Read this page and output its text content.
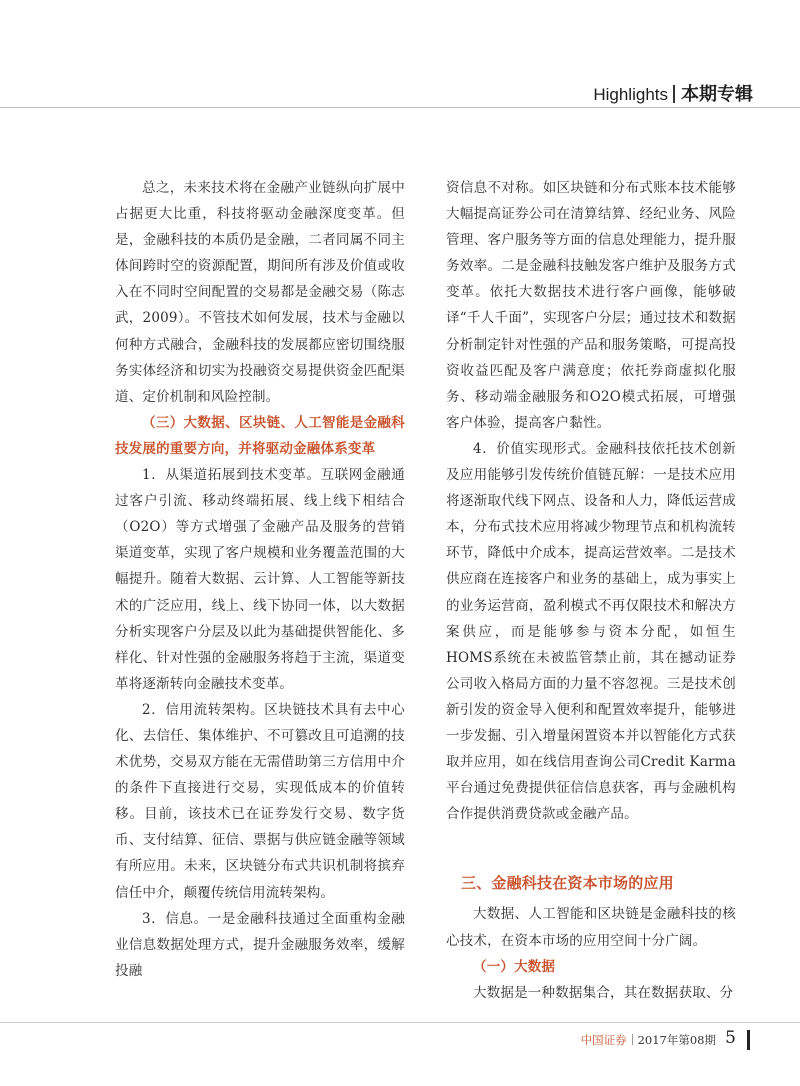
Highlights 本期专辑

总之，未来技术将在金融产业链纵向扩展中占据更大比重，科技将驱动金融深度变革。但是，金融科技的本质仍是金融，二者同属不同主体间跨时空的资源配置，期间所有涉及价值或收入在不同时空间配置的交易都是金融交易（陈志武，2009）。不管技术如何发展，技术与金融以何种方式融合，金融科技的发展都应密切围绕服务实体经济和切实为投融资交易提供资金匹配渠道、定价机制和风险控制。

（三）大数据、区块链、人工智能是金融科技发展的重要方向，并将驱动金融体系变革

1．从渠道拓展到技术变革。互联网金融通过客户引流、移动终端拓展、线上线下相结合（O2O）等方式增强了金融产品及服务的营销渠道变革，实现了客户规模和业务覆盖范围的大幅提升。随着大数据、云计算、人工智能等新技术的广泛应用，线上、线下协同一体，以大数据分析实现客户分层及以此为基础提供智能化、多样化、针对性强的金融服务将趋于主流，渠道变革将逐渐转向金融技术变革。

2．信用流转架构。区块链技术具有去中心化、去信任、集体维护、不可篡改且可追溯的技术优势，交易双方能在无需借助第三方信用中介的条件下直接进行交易，实现低成本的价值转移。目前，该技术已在证券发行交易、数字货币、支付结算、征信、票据与供应链金融等领域有所应用。未来，区块链分布式共识机制将摈弃信任中介，颠覆传统信用流转架构。

3．信息。一是金融科技通过全面重构金融业信息数据处理方式，提升金融服务效率，缓解投融

资信息不对称。如区块链和分布式账本技术能够大幅提高证券公司在清算结算、经纪业务、风险管理、客户服务等方面的信息处理能力，提升服务效率。二是金融科技触发客户维护及服务方式变革。依托大数据技术进行客户画像，能够破译“千人千面”，实现客户分层；通过技术和数据分析制定针对性强的产品和服务策略，可提高投资收益匹配及客户满意度；依托券商虚拟化服务、移动端金融服务和O2O模式拓展，可增强客户体验，提高客户黏性。

4．价值实现形式。金融科技依托技术创新及应用能够引发传统价值链瓦解：一是技术应用将逐渐取代线下网点、设备和人力，降低运营成本，分布式技术应用将减少物理节点和机构流转环节，降低中介成本，提高运营效率。二是技术供应商在连接客户和业务的基础上，成为事实上的业务运营商，盈利模式不再仅限技术和解决方案供应，而是能够参与资本分配，如恒生HOMS系统在未被监管禁止前，其在撼动证券公司收入格局方面的力量不容忽视。三是技术创新引发的资金导入便利和配置效率提升，能够进一步发掘、引入增量闲置资本并以智能化方式获取并应用，如在线信用查询公司Credit Karma平台通过免费提供征信信息获客，再与金融机构合作提供消费贷款或金融产品。

三、金融科技在资本市场的应用

大数据、人工智能和区块链是金融科技的核心技术，在资本市场的应用空间十分广阔。

（一）大数据

大数据是一种数据集合，其在数据获取、分

中国证券 2017年第08期 5
